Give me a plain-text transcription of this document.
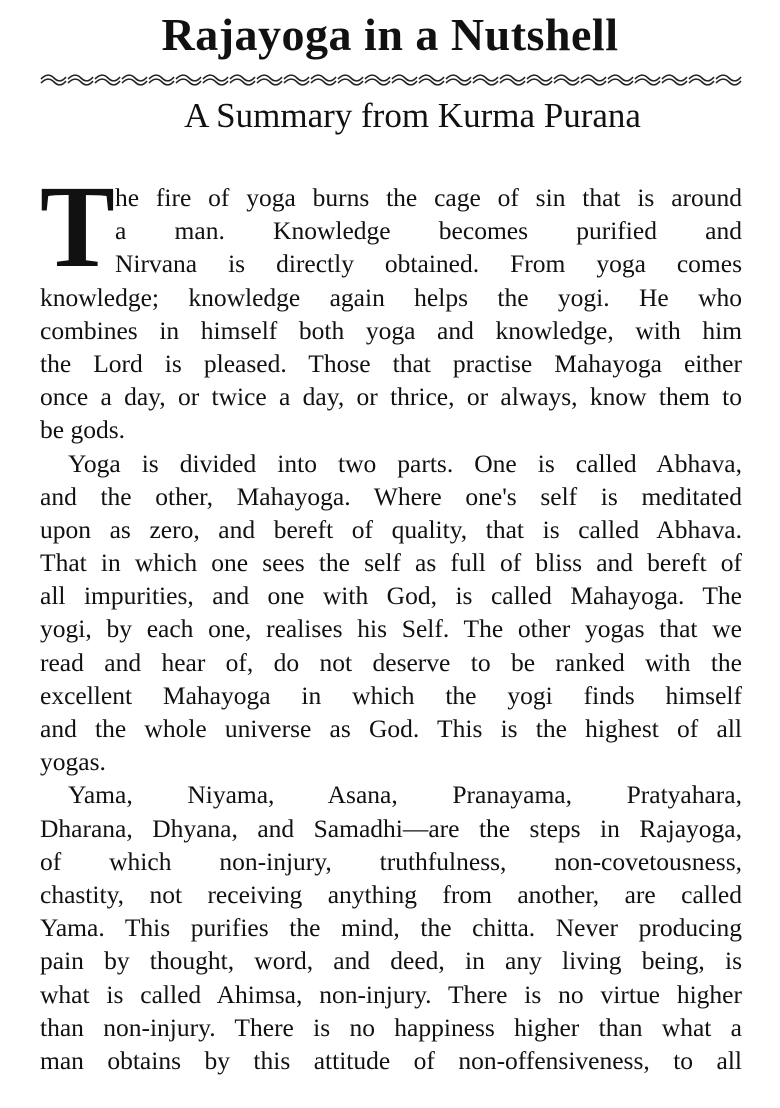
Rajayoga in a Nutshell
A Summary from Kurma Purana
T he fire of yoga burns the cage of sin that is around
a man. Knowledge becomes purified and
Nirvana is directly obtained. From yoga comes
knowledge; knowledge again helps the yogi. He who
combines in himself both yoga and knowledge, with him
the Lord is pleased. Those that practise Mahayoga either
once a day, or twice a day, or thrice, or always, know them to
be gods.
Yoga is divided into two parts. One is called Abhava,
and the other, Mahayoga. Where one's self is meditated
upon as zero, and bereft of quality, that is called Abhava.
That in which one sees the self as full of bliss and bereft of
all impurities, and one with God, is called Mahayoga. The
yogi, by each one, realises his Self. The other yogas that we
read and hear of, do not deserve to be ranked with the
excellent Mahayoga in which the yogi finds himself
and the whole universe as God. This is the highest of all
yogas.
Yama, Niyama, Asana, Pranayama, Pratyahara,
Dharana, Dhyana, and Samadhi—are the steps in Rajayoga,
of which non-injury, truthfulness, non-covetousness,
chastity, not receiving anything from another, are called
Yama. This purifies the mind, the chitta. Never producing
pain by thought, word, and deed, in any living being, is
what is called Ahimsa, non-injury. There is no virtue higher
than non-injury. There is no happiness higher than what a
man obtains by this attitude of non-offensiveness, to all
